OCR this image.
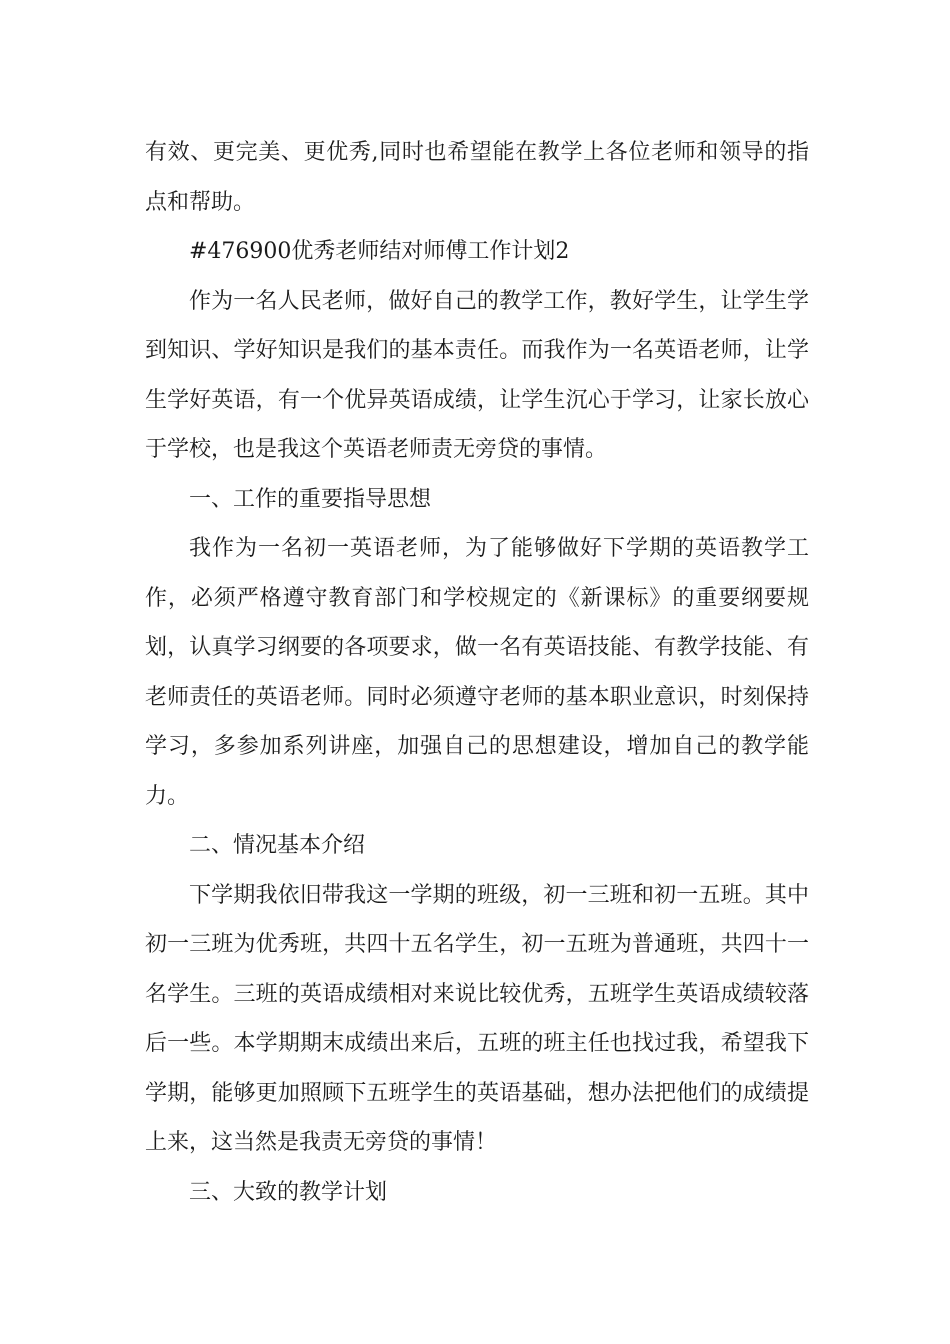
有效、更完美、更优秀,同时也希望能在教学上各位老师和领导的指点和帮助。

#476900优秀老师结对师傅工作计划2

作为一名人民老师，做好自己的教学工作，教好学生，让学生学到知识、学好知识是我们的基本责任。而我作为一名英语老师，让学生学好英语，有一个优异英语成绩，让学生沉心于学习，让家长放心于学校，也是我这个英语老师责无旁贷的事情。

一、工作的重要指导思想

我作为一名初一英语老师，为了能够做好下学期的英语教学工作，必须严格遵守教育部门和学校规定的《新课标》的重要纲要规划，认真学习纲要的各项要求，做一名有英语技能、有教学技能、有老师责任的英语老师。同时必须遵守老师的基本职业意识，时刻保持学习，多参加系列讲座，加强自己的思想建设，增加自己的教学能力。

二、情况基本介绍

下学期我依旧带我这一学期的班级，初一三班和初一五班。其中初一三班为优秀班，共四十五名学生，初一五班为普通班，共四十一名学生。三班的英语成绩相对来说比较优秀，五班学生英语成绩较落后一些。本学期期末成绩出来后，五班的班主任也找过我，希望我下学期，能够更加照顾下五班学生的英语基础，想办法把他们的成绩提上来，这当然是我责无旁贷的事情！

三、大致的教学计划
